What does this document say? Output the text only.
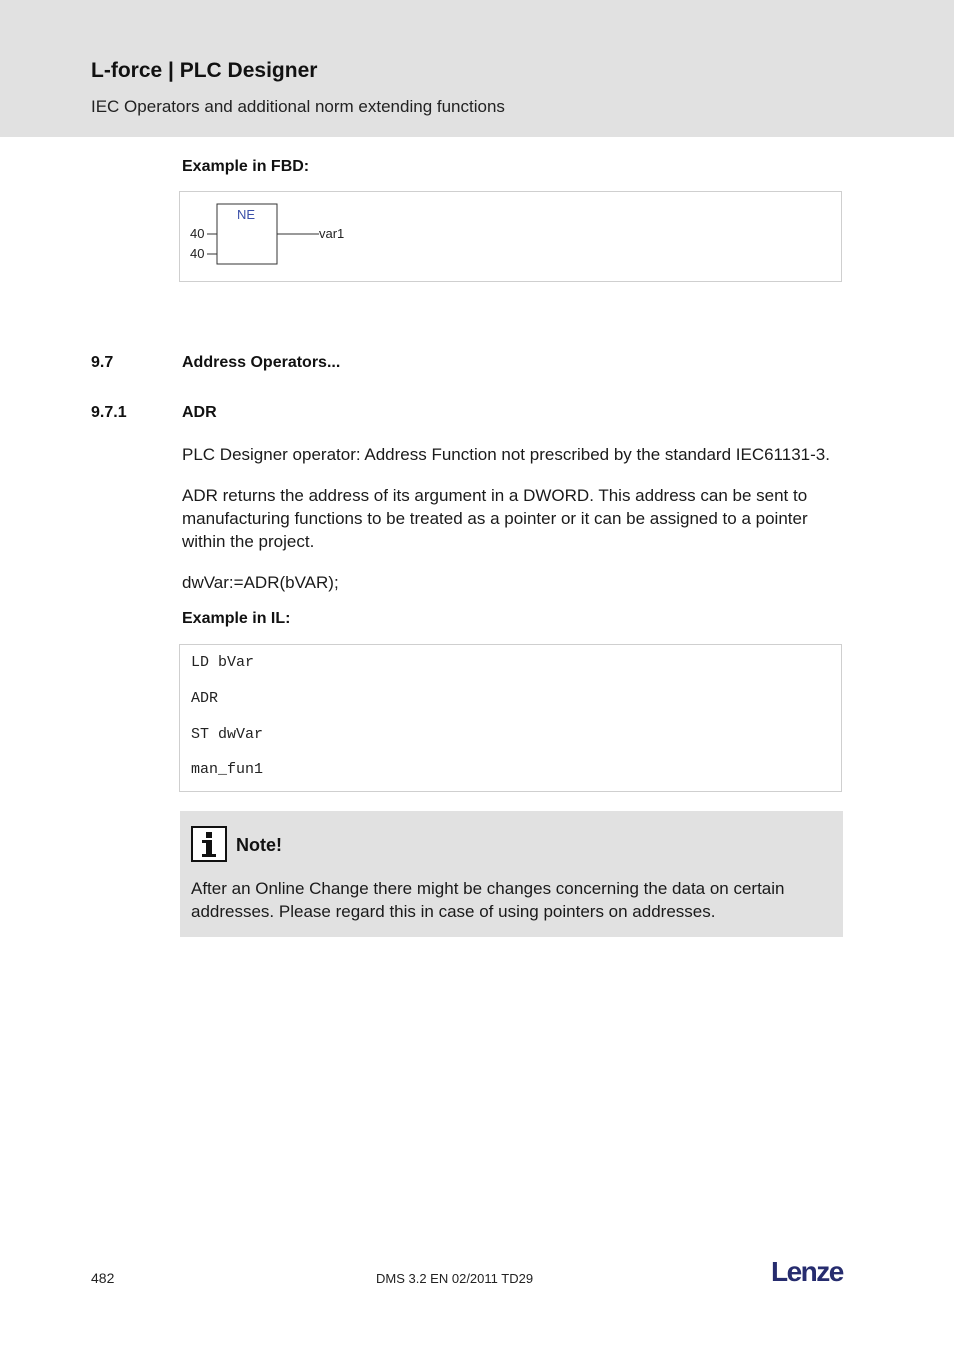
L-force | PLC Designer
IEC Operators and additional norm extending functions
Example in FBD:
NE
40
40
var1
9.7	Address Operators...
9.7.1	ADR
PLC Designer operator: Address Function not prescribed by the standard IEC61131-3.
ADR returns the address of its argument in a DWORD. This address can be sent to manufacturing functions to be treated as a pointer or it can be assigned to a pointer within the project.
dwVar:=ADR(bVAR);
Example in IL:
LD bVar
ADR
ST dwVar
man_fun1
Note!
After an Online Change there might be changes concerning the data on certain addresses. Please regard this in case of using pointers on addresses.
482	DMS 3.2 EN 02/2011 TD29	Lenze
